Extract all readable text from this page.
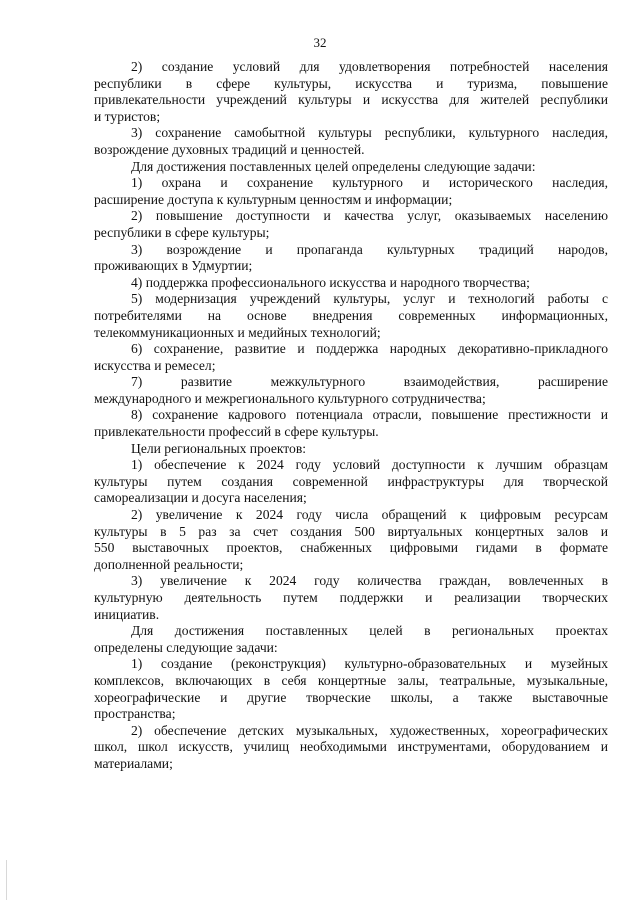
32

2) создание условий для удовлетворения потребностей населения

республики в сфере культуры, искусства и туризма, повышение

привлекательности учреждений культуры и искусства для жителей республики

и туристов;

3) сохранение самобытной культуры республики, культурного наследия,

возрождение духовных традиций и ценностей.

Для достижения поставленных целей определены следующие задачи:

1) охрана и сохранение культурного и исторического наследия,

расширение доступа к культурным ценностям и информации;

2) повышение доступности и качества услуг, оказываемых населению

республики в сфере культуры;

3) возрождение и пропаганда культурных традиций народов,

проживающих в Удмуртии;

4) поддержка профессионального искусства и народного творчества;

5) модернизация учреждений культуры, услуг и технологий работы с

потребителями на основе внедрения современных информационных,

телекоммуникационных и медийных технологий;

6) сохранение, развитие и поддержка народных декоративно-прикладного

искусства и ремесел;

7) развитие межкультурного взаимодействия, расширение

международного и межрегионального культурного сотрудничества;

8) сохранение кадрового потенциала отрасли, повышение престижности и

привлекательности профессий в сфере культуры.

Цели региональных проектов:

1) обеспечение к 2024 году условий доступности к лучшим образцам

культуры путем создания современной инфраструктуры для творческой

самореализации и досуга населения;

2) увеличение к 2024 году числа обращений к цифровым ресурсам

культуры в 5 раз за счет создания 500 виртуальных концертных залов и

550 выставочных проектов, снабженных цифровыми гидами в формате

дополненной реальности;

3) увеличение к 2024 году количества граждан, вовлеченных в

культурную деятельность путем поддержки и реализации творческих

инициатив.

Для достижения поставленных целей в региональных проектах

определены следующие задачи:

1) создание (реконструкция) культурно-образовательных и музейных

комплексов, включающих в себя концертные залы, театральные, музыкальные,

хореографические и другие творческие школы, а также выставочные

пространства;

2) обеспечение детских музыкальных, художественных, хореографических

школ, школ искусств, училищ необходимыми инструментами, оборудованием и

материалами;
